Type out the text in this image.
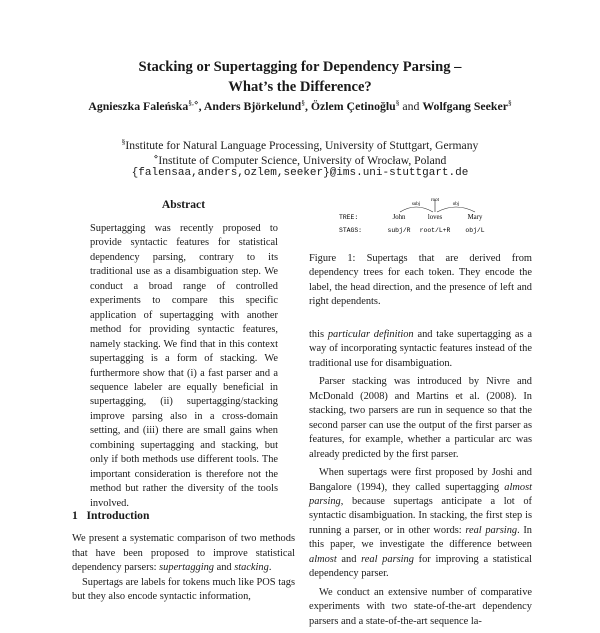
Stacking or Supertagging for Dependency Parsing –
What’s the Difference?
Agnieszka Faleńska§,⋄, Anders Björkelund§, Özlem Çetinoğlu§ and Wolfgang Seeker§
§Institute for Natural Language Processing, University of Stuttgart, Germany
⋄Institute of Computer Science, University of Wrocław, Poland
{falensaa,anders,ozlem,seeker}@ims.uni-stuttgart.de
Abstract
Supertagging was recently proposed to provide syntactic features for statistical dependency parsing, contrary to its traditional use as a disambiguation step. We conduct a broad range of controlled experiments to compare this specific application of supertagging with another method for providing syntactic features, namely stacking. We find that in this context supertagging is a form of stacking. We furthermore show that (i) a fast parser and a sequence labeler are equally beneficial in supertagging, (ii) supertagging/stacking improve parsing also in a cross-domain setting, and (iii) there are small gains when combining supertagging and stacking, but only if both methods use different tools. The important consideration is therefore not the method but rather the diversity of the tools involved.
1 Introduction

We present a systematic comparison of two methods that have been proposed to improve statistical dependency parsers: supertagging and stacking.

Supertags are labels for tokens much like POS tags but they also encode syntactic information,

TREE:
STAGS:
John	loves	Mary
subj
root
obj
subj/R root/L+R obj/L
Figure 1: Supertags that are derived from dependency trees for each token. They encode the label, the head direction, and the presence of left and right dependents.

this particular definition and take supertagging as a way of incorporating syntactic features instead of the traditional use for disambiguation.

Parser stacking was introduced by Nivre and McDonald (2008) and Martins et al. (2008). In stacking, two parsers are run in sequence so that the second parser can use the output of the first parser as features, for example, whether a particular arc was already predicted by the first parser.

When supertags were first proposed by Joshi and Bangalore (1994), they called supertagging almost parsing, because supertags anticipate a lot of syntactic disambiguation. In stacking, the first step is running a parser, or in other words: real parsing. In this paper, we investigate the difference between almost and real parsing for improving a statistical dependency parser.

We conduct an extensive number of comparative experiments with two state-of-the-art dependency parsers and a state-of-the-art sequence la-
